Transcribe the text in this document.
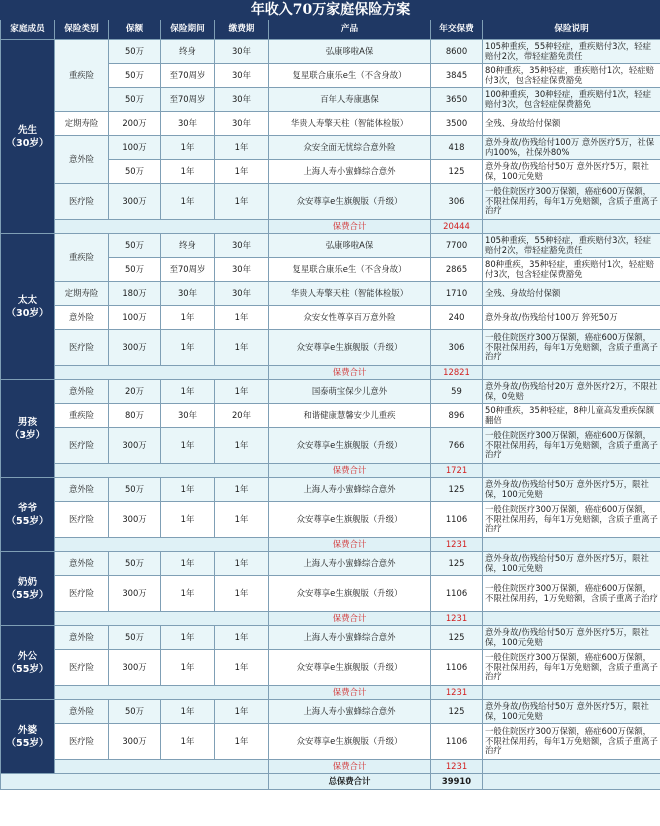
年收入70万家庭保险方案							
家庭成员	保险类别	保额	保险期间	缴费期	产品	年交保费	保险说明

先生
（30岁）	重疾险	50万	终身	30年	弘康哆啦A保	8600	105种重疾，55种轻症，重疾赔付3次，轻症赔付2次，带轻症豁免责任
		50万	至70周岁	30年	复星联合康乐e生（不含身故）	3845	80种重疾，35种轻症，重疾赔付1次，轻症赔付3次，包含轻症保费豁免
		50万	至70周岁	30年	百年人寿康惠保	3650	100种重疾，30种轻症，重疾赔付1次，轻症赔付3次，包含轻症保费豁免
	定期寿险	200万	30年	30年	华贵人寿擎天柱（智能体检版）	3500	全残、身故给付保额
	意外险	100万	1年	1年	众安全面无忧综合意外险	418	意外身故/伤残给付100万 意外医疗5万，社保内100%，社保外80%
		50万	1年	1年	上海人寿小蜜蜂综合意外	125	意外身故/伤残给付50万 意外医疗5万，限社保，100元免赔
	医疗险	300万	1年	1年	众安尊享e生旗舰版（升级）	306	一般住院医疗300万保额，癌症600万保额，不限社保用药，每年1万免赔额，含质子重离子治疗
					保费合计	20444	

太太
（30岁）	重疾险	50万	终身	30年	弘康哆啦A保	7700	105种重疾，55种轻症，重疾赔付3次，轻症赔付2次，带轻症豁免责任
		50万	至70周岁	30年	复星联合康乐e生（不含身故）	2865	80种重疾，35种轻症，重疾赔付1次，轻症赔付3次，包含轻症保费豁免
	定期寿险	180万	30年	30年	华贵人寿擎天柱（智能体检版）	1710	全残、身故给付保额
	意外险	100万	1年	1年	众安女性尊享百万意外险	240	意外身故/伤残给付100万 猝死50万
	医疗险	300万	1年	1年	众安尊享e生旗舰版（升级）	306	一般住院医疗300万保额，癌症600万保额，不限社保用药，每年1万免赔额，含质子重离子治疗
					保费合计	12821	

男孩
（3岁）	意外险	20万	1年	1年	国泰萌宝保少儿意外	59	意外身故/伤残给付20万 意外医疗2万，不限社保，0免赔
	重疾险	80万	30年	20年	和谐健康慧馨安少儿重疾	896	50种重疾，35种轻症，8种儿童高发重疾保额翻倍
	医疗险	300万	1年	1年	众安尊享e生旗舰版（升级）	766	一般住院医疗300万保额，癌症600万保额，不限社保用药，每年1万免赔额，含质子重离子治疗
					保费合计	1721	

爷爷
（55岁）	意外险	50万	1年	1年	上海人寿小蜜蜂综合意外	125	意外身故/伤残给付50万 意外医疗5万，限社保，100元免赔
	医疗险	300万	1年	1年	众安尊享e生旗舰版（升级）	1106	一般住院医疗300万保额，癌症600万保额，不限社保用药，每年1万免赔额，含质子重离子治疗
					保费合计	1231	

奶奶
（55岁）	意外险	50万	1年	1年	上海人寿小蜜蜂综合意外	125	意外身故/伤残给付50万 意外医疗5万，限社保，100元免赔
	医疗险	300万	1年	1年	众安尊享e生旗舰版（升级）	1106	一般住院医疗300万保额，癌症600万保额，不限社保用药，1万免赔额，含质子重离子治疗
					保费合计	1231	

外公
（55岁）	意外险	50万	1年	1年	上海人寿小蜜蜂综合意外	125	意外身故/伤残给付50万 意外医疗5万，限社保，100元免赔
	医疗险	300万	1年	1年	众安尊享e生旗舰版（升级）	1106	一般住院医疗300万保额，癌症600万保额，不限社保用药，每年1万免赔额，含质子重离子治疗
					保费合计	1231	

外婆
（55岁）	意外险	50万	1年	1年	上海人寿小蜜蜂综合意外	125	意外身故/伤残给付50万 意外医疗5万，限社保，100元免赔
	医疗险	300万	1年	1年	众安尊享e生旗舰版（升级）	1106	一般住院医疗300万保额，癌症600万保额，不限社保用药，每年1万免赔额，含质子重离子治疗
					保费合计	1231	
					总保费合计	39910	
